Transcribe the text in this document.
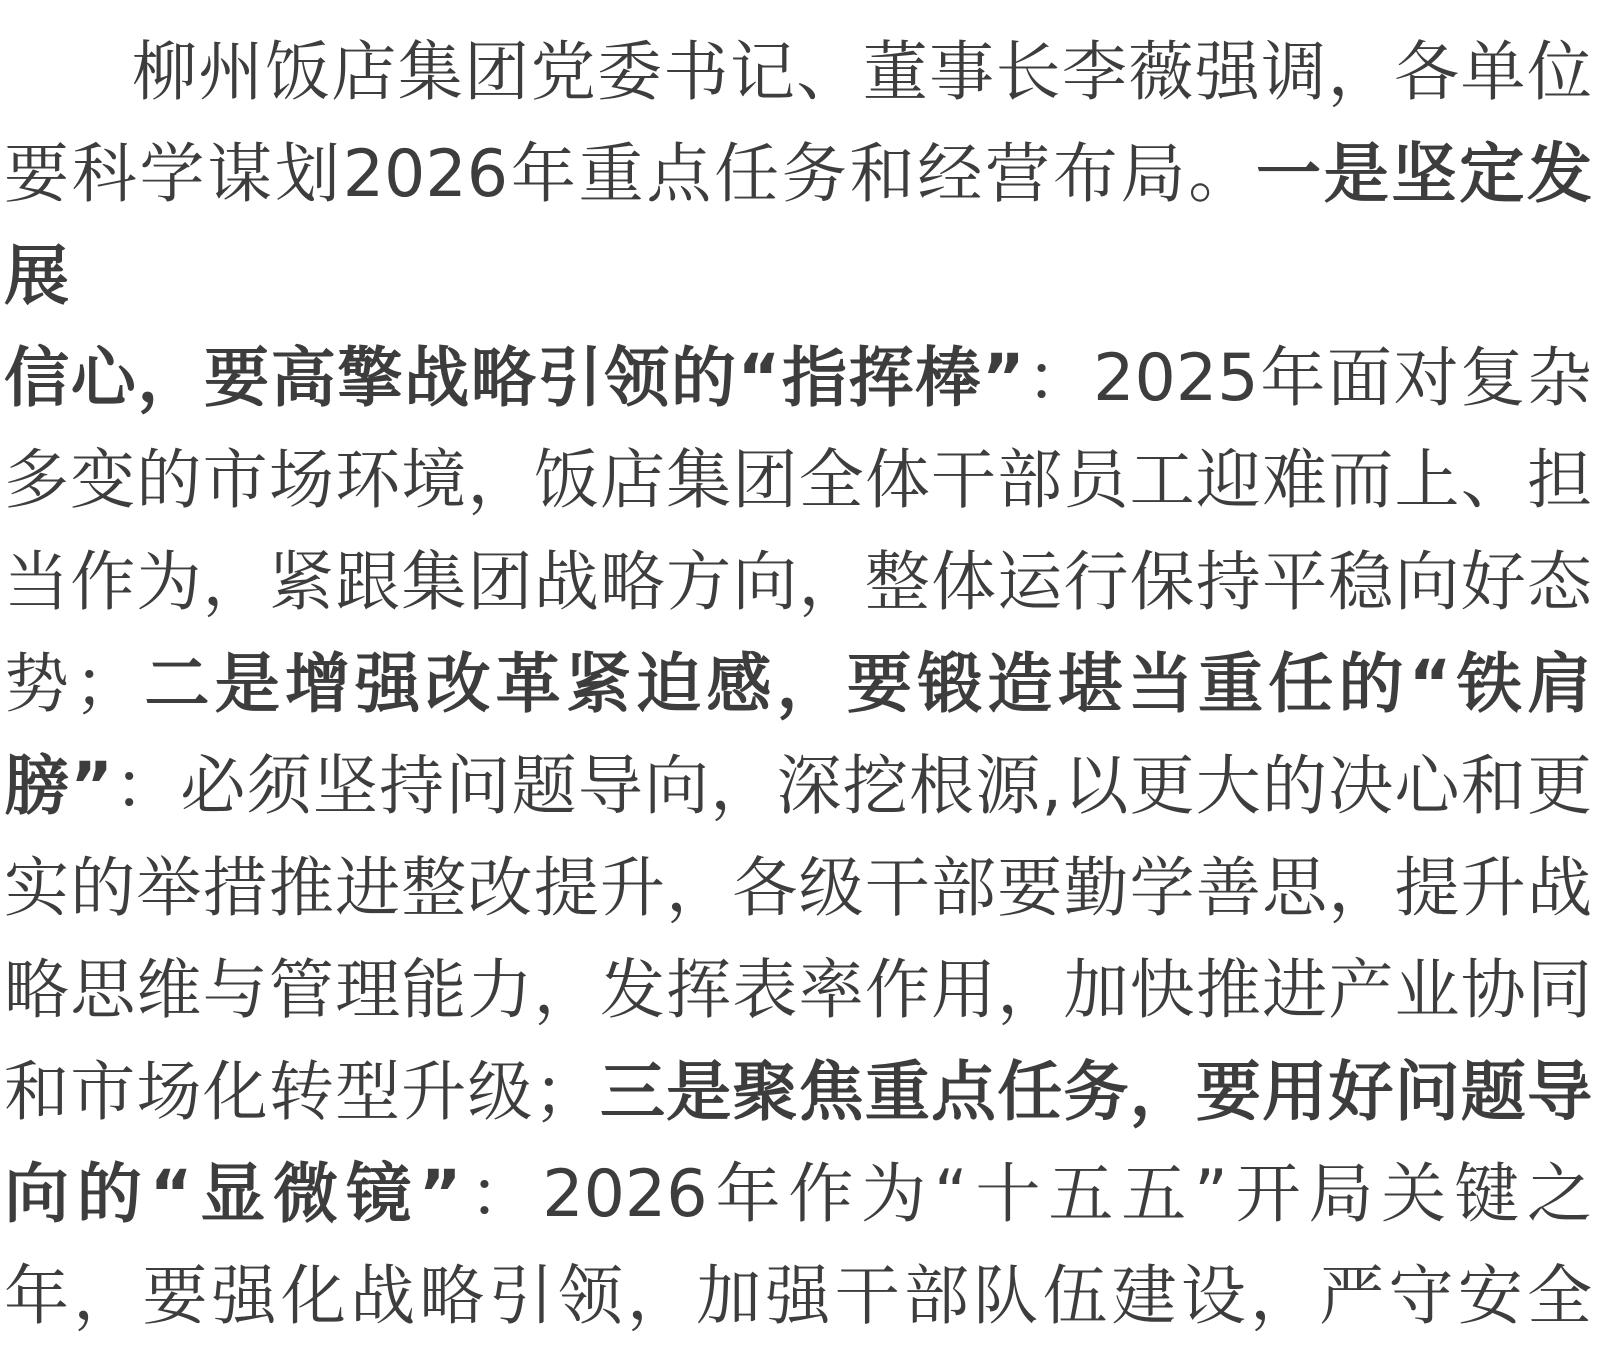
柳州饭店集团党委书记、董事长李薇强调，各单位
要科学谋划2026年重点任务和经营布局。一是坚定发展
信心，要高擎战略引领的“指挥棒”：2025年面对复杂
多变的市场环境，饭店集团全体干部员工迎难而上、担
当作为，紧跟集团战略方向，整体运行保持平稳向好态
势；二是增强改革紧迫感，要锻造堪当重任的“铁肩
膀”：必须坚持问题导向，深挖根源,以更大的决心和更
实的举措推进整改提升，各级干部要勤学善思，提升战
略思维与管理能力，发挥表率作用，加快推进产业协同
和市场化转型升级；三是聚焦重点任务，要用好问题导
向的“显微镜”：2026年作为“十五五”开局关键之
年，要强化战略引领，加强干部队伍建设，严守安全
